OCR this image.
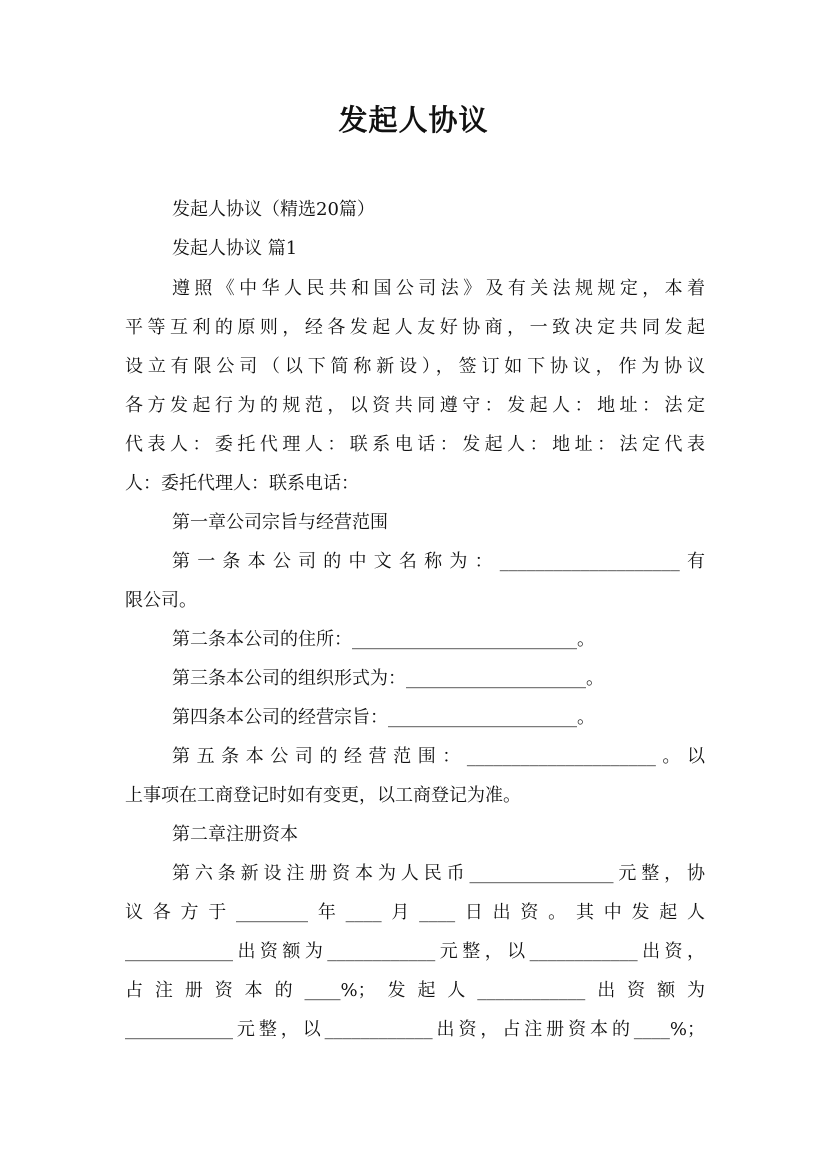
发起人协议
发起人协议（精选20篇）
发起人协议 篇1
遵照《中华人民共和国公司法》及有关法规规定，本着
平等互利的原则，经各发起人友好协商，一致决定共同发起
设立有限公司（以下简称新设），签订如下协议，作为协议
各方发起行为的规范，以资共同遵守：发起人：地址：法定
代表人：委托代理人：联系电话：发起人：地址：法定代表
人：委托代理人：联系电话：
第一章公司宗旨与经营范围
第一条本公司的中文名称为：____________________有
限公司。
第二条本公司的住所：_________________________。
第三条本公司的组织形式为：____________________。
第四条本公司的经营宗旨：_____________________。
第五条本公司的经营范围：_____________________。以
上事项在工商登记时如有变更，以工商登记为准。
第二章注册资本
第六条新设注册资本为人民币________________元整，协
议各方于________年____月____日出资。其中发起人
____________出资额为____________元整，以____________出资，
占注册资本的____%；发起人____________出资额为
____________元整，以____________出资，占注册资本的____%；
